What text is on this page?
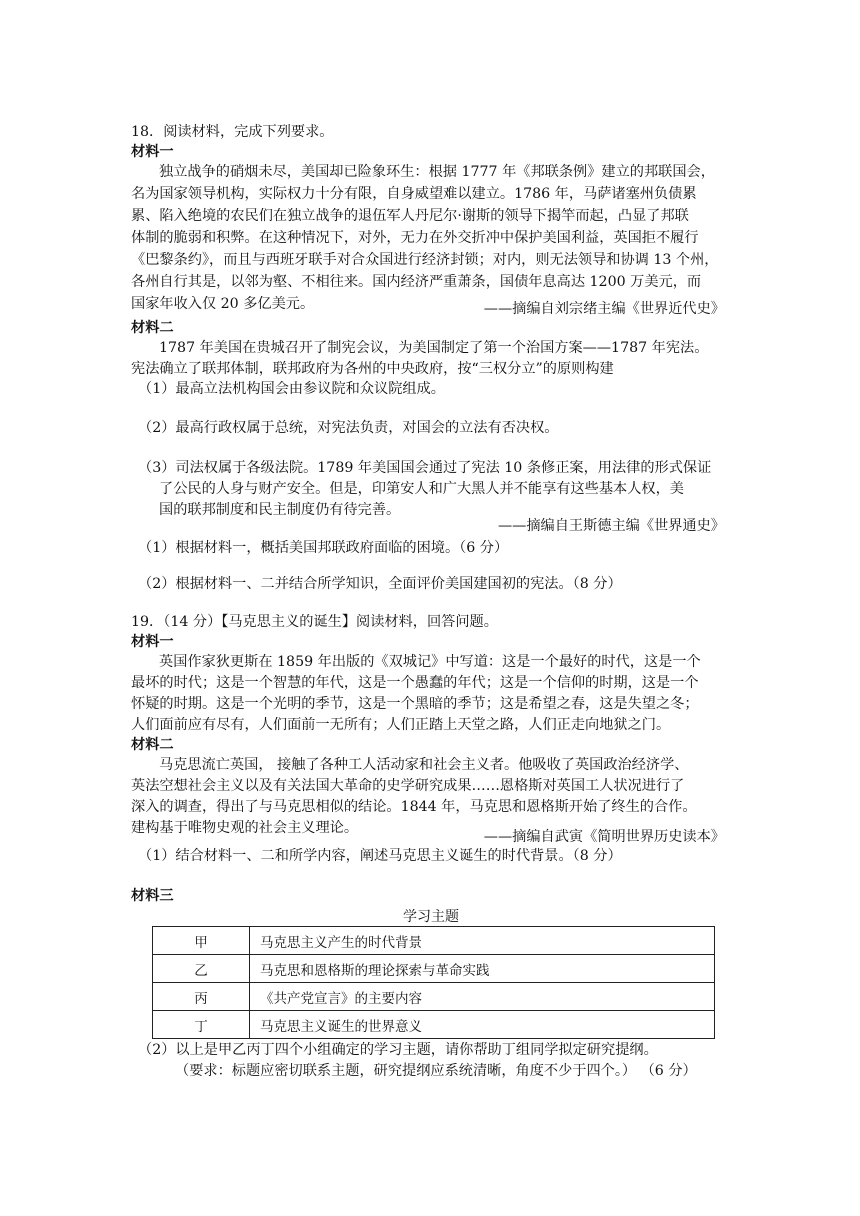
18．阅读材料，完成下列要求。
材料一
独立战争的硝烟未尽，美国却已险象环生：根据 1777 年《邦联条例》建立的邦联国会，
名为国家领导机构，实际权力十分有限，自身威望难以建立。1786 年，马萨诸塞州负债累
累、陷入绝境的农民们在独立战争的退伍军人丹尼尔·谢斯的领导下揭竿而起，凸显了邦联
体制的脆弱和积弊。在这种情况下，对外，无力在外交折冲中保护美国利益，英国拒不履行
《巴黎条约》，而且与西班牙联手对合众国进行经济封锁；对内，则无法领导和协调 13 个州，
各州自行其是，以邻为壑、不相往来。国内经济严重萧条，国债年息高达 1200 万美元，而
国家年收入仅 20 多亿美元。	——摘编自刘宗绪主编《世界近代史》
材料二
1787 年美国在贵城召开了制宪会议，为美国制定了第一个治国方案——1787 年宪法。
宪法确立了联邦体制，联邦政府为各州的中央政府，按“三权分立”的原则构建
（1）最高立法机构国会由参议院和众议院组成。
（2）最高行政权属于总统，对宪法负责，对国会的立法有否决权。
（3）司法权属于各级法院。1789 年美国国会通过了宪法 10 条修正案，用法律的形式保证
了公民的人身与财产安全。但是，印第安人和广大黑人并不能享有这些基本人权，美
国的联邦制度和民主制度仍有待完善。
——摘编自王斯德主编《世界通史》
（1）根据材料一，概括美国邦联政府面临的困境。（6 分）
（2）根据材料一、二并结合所学知识，全面评价美国建国初的宪法。（8 分）
19．（14 分）【马克思主义的诞生】阅读材料，回答问题。
材料一
英国作家狄更斯在 1859 年出版的《双城记》中写道：这是一个最好的时代，这是一个
最坏的时代；这是一个智慧的年代，这是一个愚蠢的年代；这是一个信仰的时期，这是一个
怀疑的时期。这是一个光明的季节，这是一个黑暗的季节；这是希望之春，这是失望之冬；
人们面前应有尽有，人们面前一无所有；人们正踏上天堂之路，人们正走向地狱之门。
材料二
马克思流亡英国， 接触了各种工人活动家和社会主义者。他吸收了英国政治经济学、
英法空想社会主义以及有关法国大革命的史学研究成果……恩格斯对英国工人状况进行了
深入的调查，得出了与马克思相似的结论。1844 年，马克思和恩格斯开始了终生的合作。
建构基于唯物史观的社会主义理论。
——摘编自武寅《简明世界历史读本》
（1）结合材料一、二和所学内容，阐述马克思主义诞生的时代背景。（8 分）
材料三
学习主题
甲	马克思主义产生的时代背景
乙	马克思和恩格斯的理论探索与革命实践
丙	《共产党宣言》的主要内容
丁	马克思主义诞生的世界意义
（2）以上是甲乙丙丁四个小组确定的学习主题，请你帮助丁组同学拟定研究提纲。
（要求：标题应密切联系主题，研究提纲应系统清晰，角度不少于四个。） （6 分）
